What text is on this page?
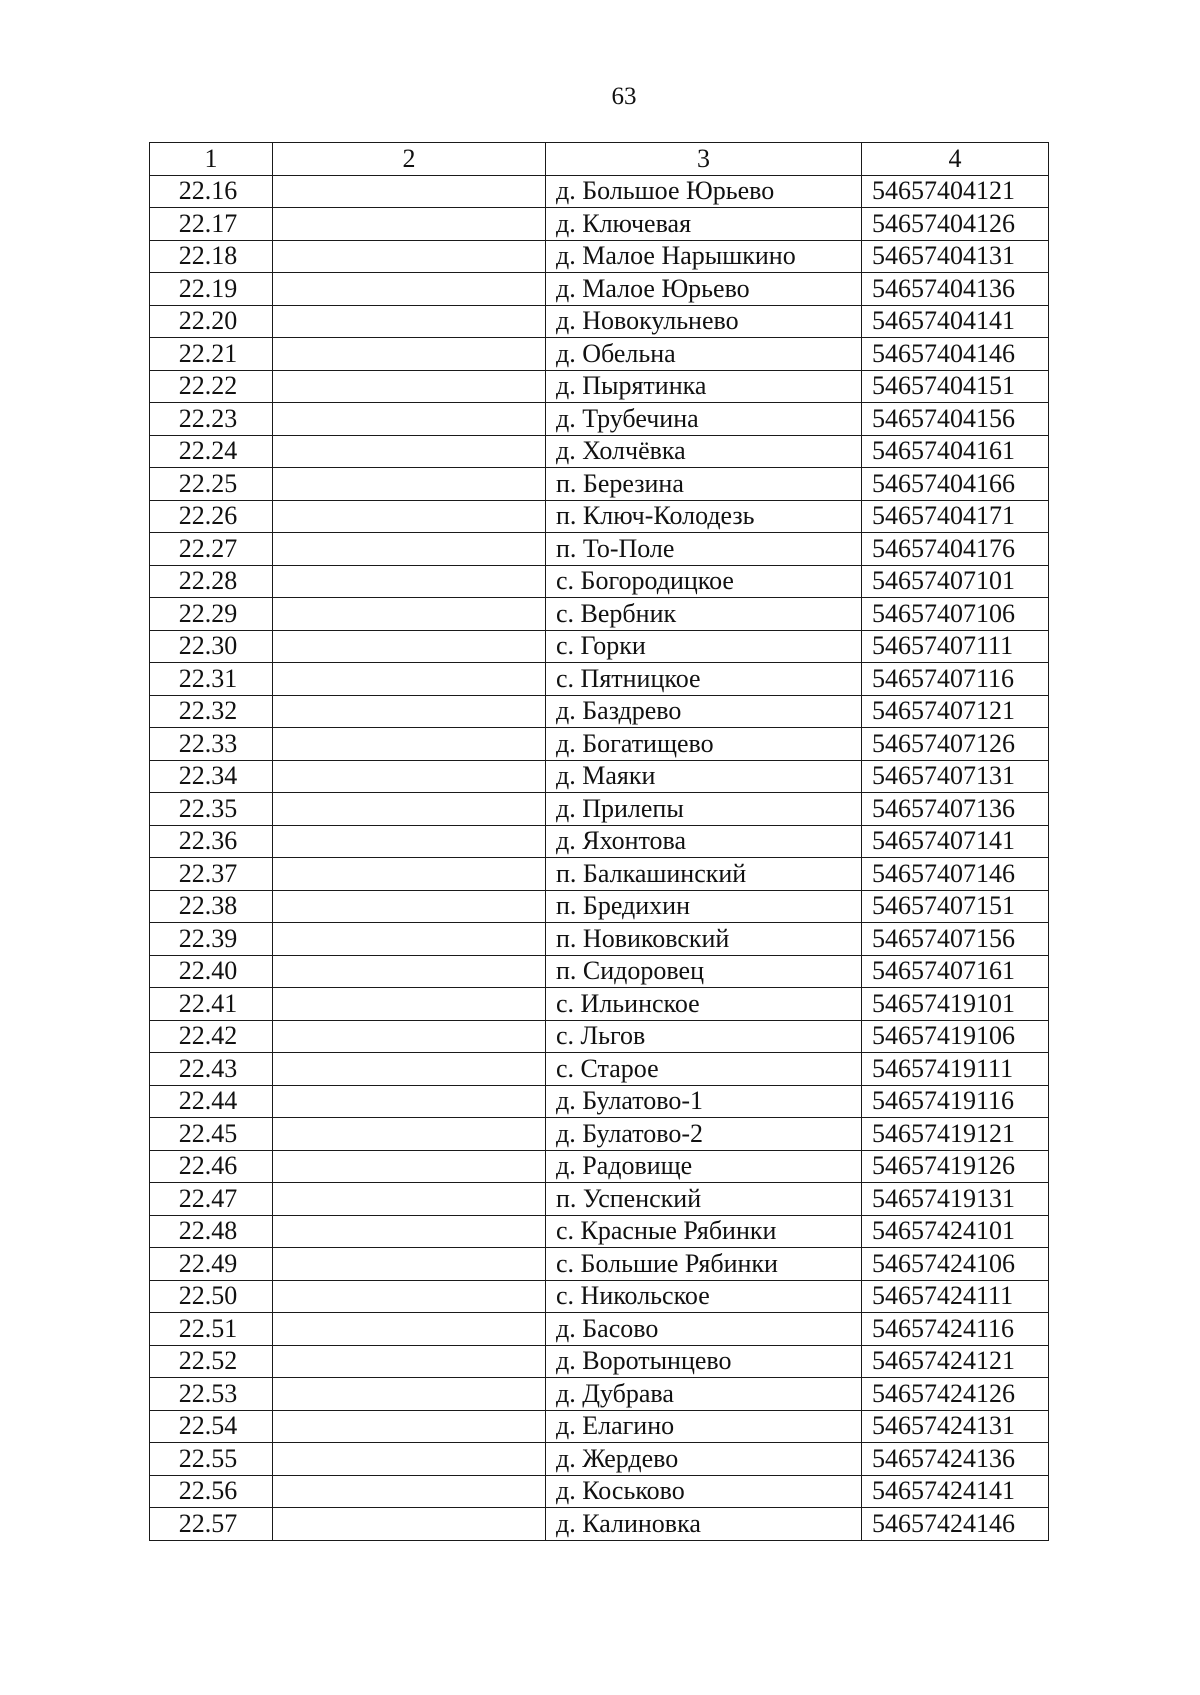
63
1	2	3	4
22.16		д. Большое Юрьево	54657404121
22.17		д. Ключевая	54657404126
22.18		д. Малое Нарышкино	54657404131
22.19		д. Малое Юрьево	54657404136
22.20		д. Новокульнево	54657404141
22.21		д. Обельна	54657404146
22.22		д. Пырятинка	54657404151
22.23		д. Трубечина	54657404156
22.24		д. Холчёвка	54657404161
22.25		п. Березина	54657404166
22.26		п. Ключ-Колодезь	54657404171
22.27		п. То-Поле	54657404176
22.28		с. Богородицкое	54657407101
22.29		с. Вербник	54657407106
22.30		с. Горки	54657407111
22.31		с. Пятницкое	54657407116
22.32		д. Баздрево	54657407121
22.33		д. Богатищево	54657407126
22.34		д. Маяки	54657407131
22.35		д. Прилепы	54657407136
22.36		д. Яхонтова	54657407141
22.37		п. Балкашинский	54657407146
22.38		п. Бредихин	54657407151
22.39		п. Новиковский	54657407156
22.40		п. Сидоровец	54657407161
22.41		с. Ильинское	54657419101
22.42		с. Льгов	54657419106
22.43		с. Старое	54657419111
22.44		д. Булатово-1	54657419116
22.45		д. Булатово-2	54657419121
22.46		д. Радовище	54657419126
22.47		п. Успенский	54657419131
22.48		с. Красные Рябинки	54657424101
22.49		с. Большие Рябинки	54657424106
22.50		с. Никольское	54657424111
22.51		д. Басово	54657424116
22.52		д. Воротынцево	54657424121
22.53		д. Дубрава	54657424126
22.54		д. Елагино	54657424131
22.55		д. Жердево	54657424136
22.56		д. Коськово	54657424141
22.57		д. Калиновка	54657424146
